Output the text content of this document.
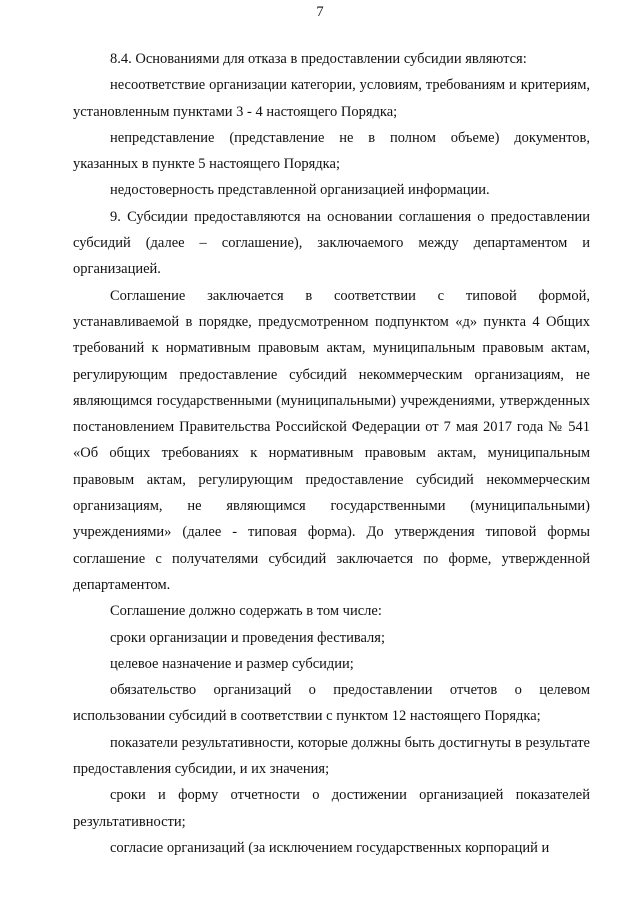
7

8.4. Основаниями для отказа в предоставлении субсидии являются:

несоответствие организации категории, условиям, требованиям и критериям, установленным пунктами 3 - 4 настоящего Порядка;

непредставление (представление не в полном объеме) документов, указанных в пункте 5 настоящего Порядка;

недостоверность представленной организацией информации.

9. Субсидии предоставляются на основании соглашения о предоставлении субсидий (далее – соглашение), заключаемого между департаментом и организацией.

Соглашение заключается в соответствии с типовой формой, устанавливаемой в порядке, предусмотренном подпунктом «д» пункта 4 Общих требований к нормативным правовым актам, муниципальным правовым актам, регулирующим предоставление субсидий некоммерческим организациям, не являющимся государственными (муниципальными) учреждениями, утвержденных постановлением Правительства Российской Федерации от 7 мая 2017 года № 541 «Об общих требованиях к нормативным правовым актам, муниципальным правовым актам, регулирующим предоставление субсидий некоммерческим организациям, не являющимся государственными (муниципальными) учреждениями» (далее - типовая форма). До утверждения типовой формы соглашение с получателями субсидий заключается по форме, утвержденной департаментом.

Соглашение должно содержать в том числе:

сроки организации и проведения фестиваля;

целевое назначение и размер субсидии;

обязательство организаций о предоставлении отчетов о целевом использовании субсидий в соответствии с пунктом 12 настоящего Порядка;

показатели результативности, которые должны быть достигнуты в результате предоставления субсидии, и их значения;

сроки и форму отчетности о достижении организацией показателей результативности;

согласие организаций (за исключением государственных корпораций и
